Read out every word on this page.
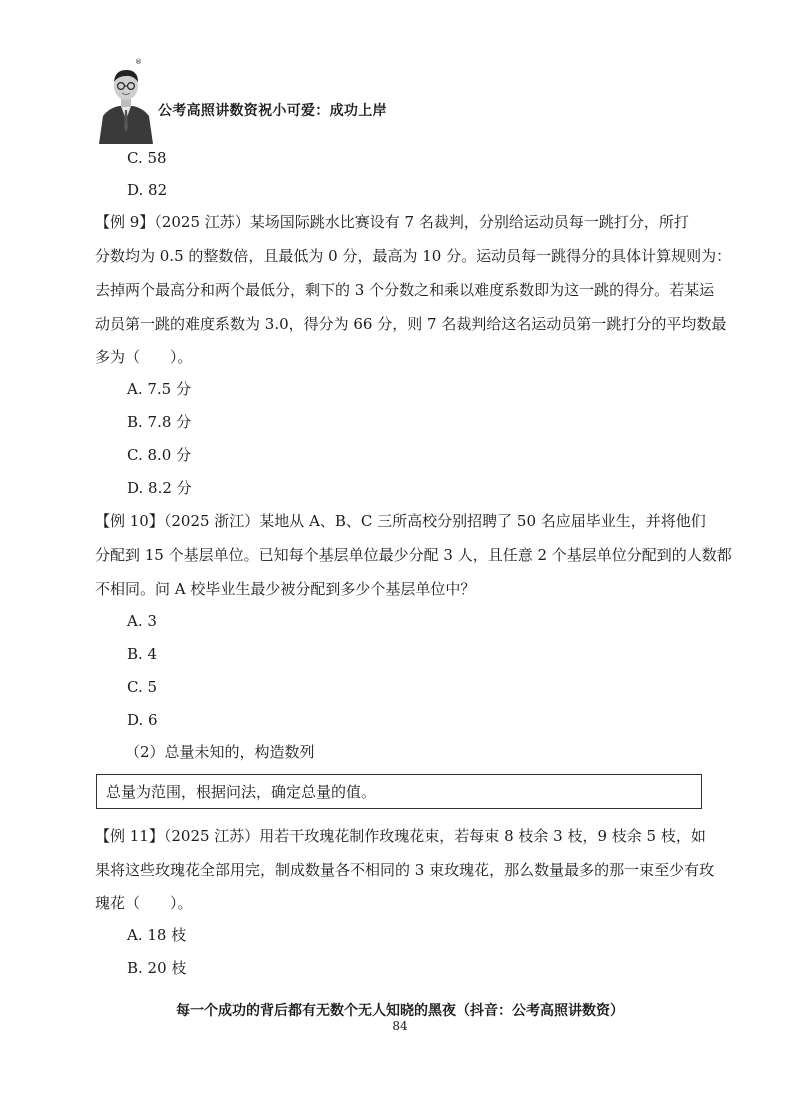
®
公考高照讲数资祝小可爱：成功上岸
C. 58
D. 82
【例 9】（2025 江苏）某场国际跳水比赛设有 7 名裁判，分别给运动员每一跳打分，所打
分数均为 0.5 的整数倍，且最低为 0 分，最高为 10 分。运动员每一跳得分的具体计算规则为：
去掉两个最高分和两个最低分，剩下的 3 个分数之和乘以难度系数即为这一跳的得分。若某运
动员第一跳的难度系数为 3.0，得分为 66 分，则 7 名裁判给这名运动员第一跳打分的平均数最
多为（　　）。
A. 7.5 分
B. 7.8 分
C. 8.0 分
D. 8.2 分
【例 10】（2025 浙江）某地从 A、B、C 三所高校分别招聘了 50 名应届毕业生，并将他们
分配到 15 个基层单位。已知每个基层单位最少分配 3 人，且任意 2 个基层单位分配到的人数都
不相同。问 A 校毕业生最少被分配到多少个基层单位中？
A. 3
B. 4
C. 5
D. 6
（2）总量未知的，构造数列
总量为范围，根据问法，确定总量的值。
【例 11】（2025 江苏）用若干玫瑰花制作玫瑰花束，若每束 8 枝余 3 枝，9 枝余 5 枝，如
果将这些玫瑰花全部用完，制成数量各不相同的 3 束玫瑰花，那么数量最多的那一束至少有玫
瑰花（　　）。
A. 18 枝
B. 20 枝
每一个成功的背后都有无数个无人知晓的黑夜（抖音：公考高照讲数资）
84
